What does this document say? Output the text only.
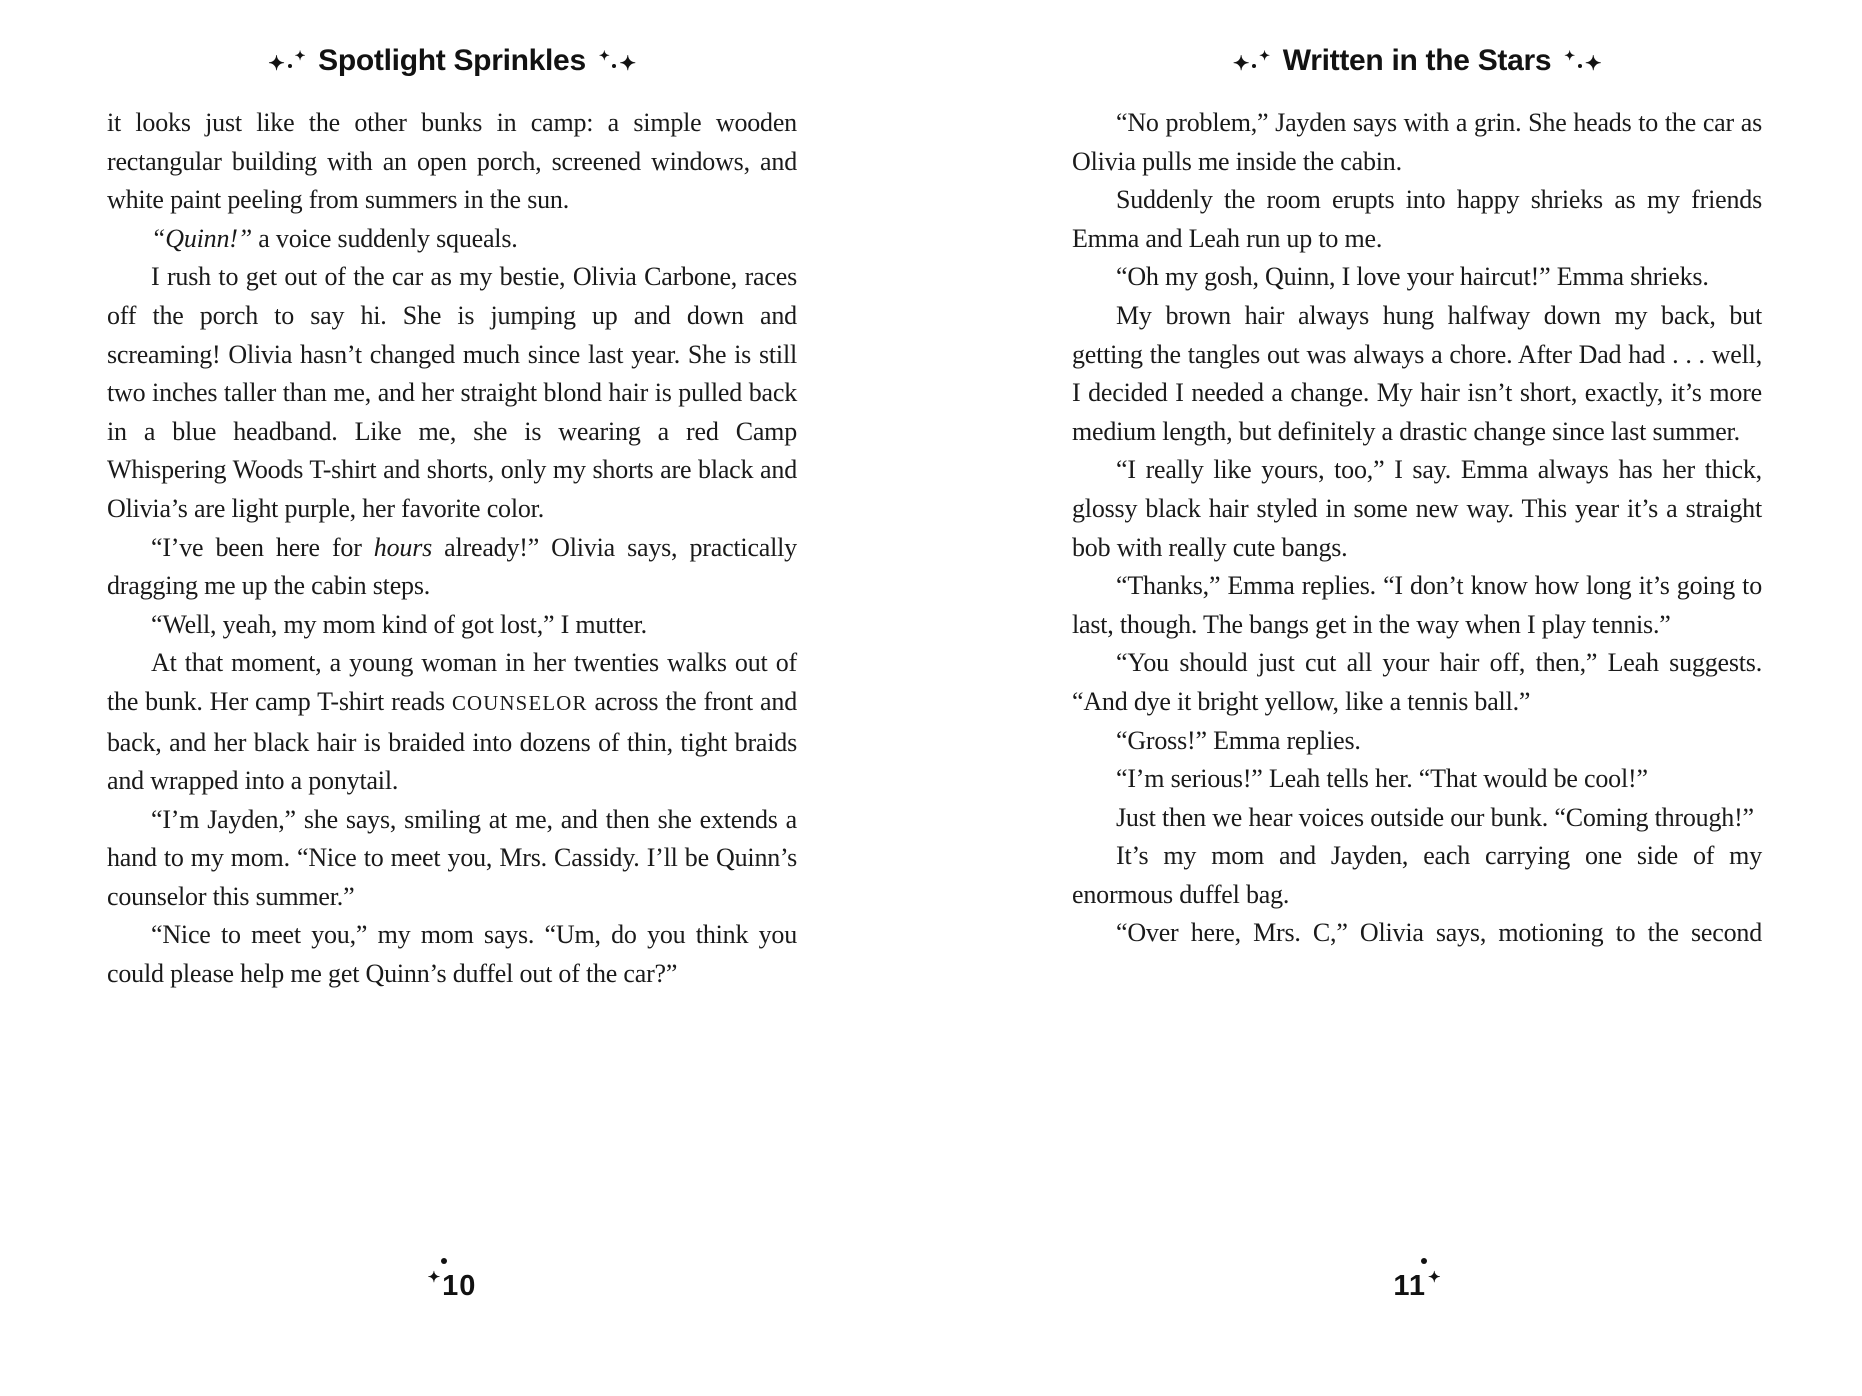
✦ ✦ Spotlight Sprinkles ✦ ✦

it looks just like the other bunks in camp: a simple wooden rectangular building with an open porch, screened windows, and white paint peeling from summers in the sun.

“Quinn!” a voice suddenly squeals.

I rush to get out of the car as my bestie, Olivia Carbone, races off the porch to say hi. She is jumping up and down and screaming! Olivia hasn’t changed much since last year. She is still two inches taller than me, and her straight blond hair is pulled back in a blue headband. Like me, she is wearing a red Camp Whispering Woods T-shirt and shorts, only my shorts are black and Olivia’s are light purple, her favorite color.

“I’ve been here for hours already!” Olivia says, practically dragging me up the cabin steps.

“Well, yeah, my mom kind of got lost,” I mutter.

At that moment, a young woman in her twenties walks out of the bunk. Her camp T-shirt reads COUNSELOR across the front and back, and her black hair is braided into dozens of thin, tight braids and wrapped into a ponytail.

“I’m Jayden,” she says, smiling at me, and then she extends a hand to my mom. “Nice to meet you, Mrs. Cassidy. I’ll be Quinn’s counselor this summer.”

“Nice to meet you,” my mom says. “Um, do you think you could please help me get Quinn’s duffel out of the car?”

✦10
✦ ✦ Written in the Stars ✦ ✦

“No problem,” Jayden says with a grin. She heads to the car as Olivia pulls me inside the cabin.

Suddenly the room erupts into happy shrieks as my friends Emma and Leah run up to me.

“Oh my gosh, Quinn, I love your haircut!” Emma shrieks.

My brown hair always hung halfway down my back, but getting the tangles out was always a chore. After Dad had . . . well, I decided I needed a change. My hair isn’t short, exactly, it’s more medium length, but definitely a drastic change since last summer.

“I really like yours, too,” I say. Emma always has her thick, glossy black hair styled in some new way. This year it’s a straight bob with really cute bangs.

“Thanks,” Emma replies. “I don’t know how long it’s going to last, though. The bangs get in the way when I play tennis.”

“You should just cut all your hair off, then,” Leah suggests. “And dye it bright yellow, like a tennis ball.”

“Gross!” Emma replies.

“I’m serious!” Leah tells her. “That would be cool!”

Just then we hear voices outside our bunk. “Coming through!”

It’s my mom and Jayden, each carrying one side of my enormous duffel bag.

“Over here, Mrs. C,” Olivia says, motioning to the second

11 ✦
